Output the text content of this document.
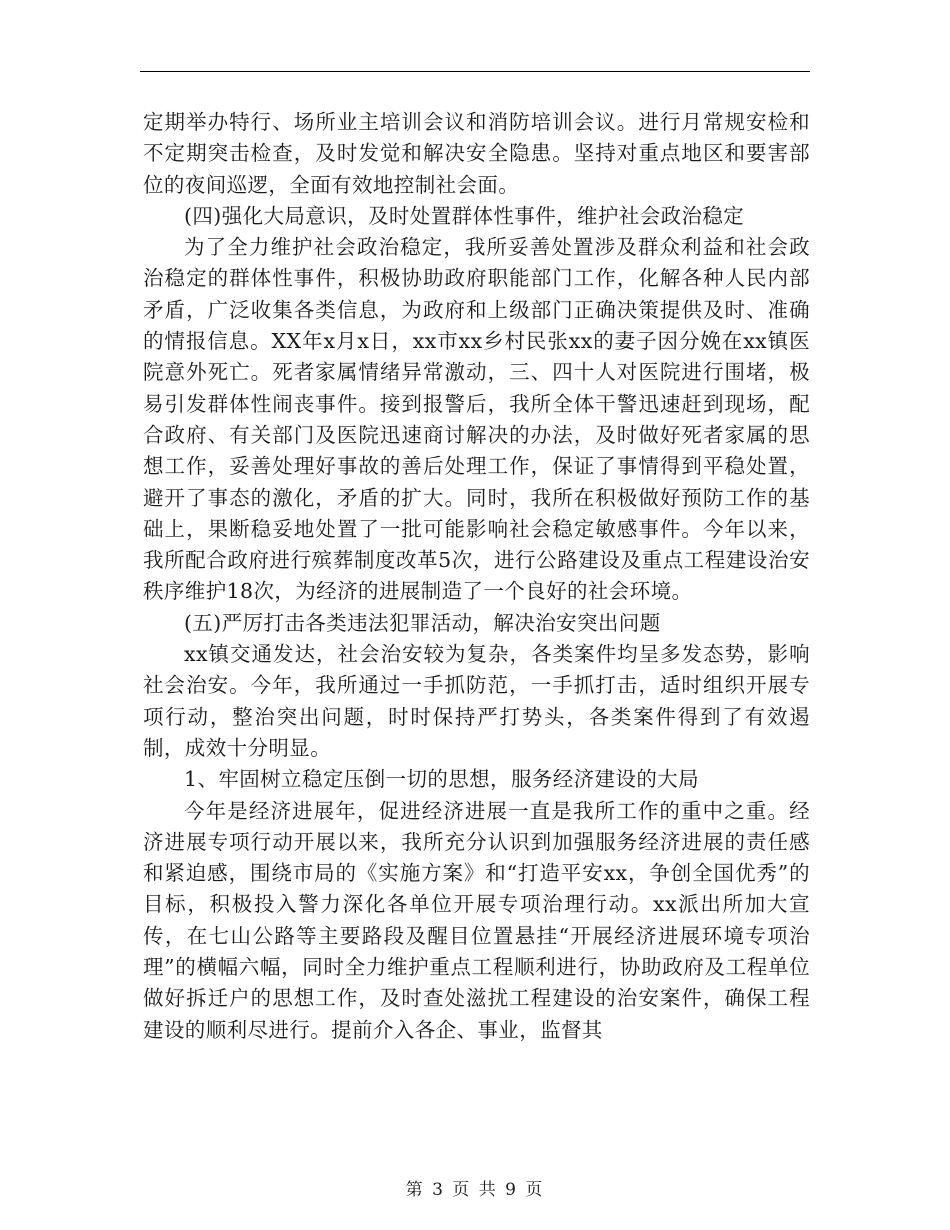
定期举办特行、场所业主培训会议和消防培训会议。进行月常规安检和不定期突击检查，及时发觉和解决安全隐患。坚持对重点地区和要害部位的夜间巡逻，全面有效地控制社会面。

(四)强化大局意识，及时处置群体性事件，维护社会政治稳定

为了全力维护社会政治稳定，我所妥善处置涉及群众利益和社会政治稳定的群体性事件，积极协助政府职能部门工作，化解各种人民内部矛盾，广泛收集各类信息，为政府和上级部门正确决策提供及时、准确的情报信息。XX年x月x日，xx市xx乡村民张xx的妻子因分娩在xx镇医院意外死亡。死者家属情绪异常激动，三、四十人对医院进行围堵，极易引发群体性闹丧事件。接到报警后，我所全体干警迅速赶到现场，配合政府、有关部门及医院迅速商讨解决的办法，及时做好死者家属的思想工作，妥善处理好事故的善后处理工作，保证了事情得到平稳处置，避开了事态的激化，矛盾的扩大。同时，我所在积极做好预防工作的基础上，果断稳妥地处置了一批可能影响社会稳定敏感事件。今年以来，我所配合政府进行殡葬制度改革5次，进行公路建设及重点工程建设治安秩序维护18次，为经济的进展制造了一个良好的社会环境。

(五)严厉打击各类违法犯罪活动，解决治安突出问题

xx镇交通发达，社会治安较为复杂，各类案件均呈多发态势，影响社会治安。今年，我所通过一手抓防范，一手抓打击，适时组织开展专项行动，整治突出问题，时时保持严打势头，各类案件得到了有效遏制，成效十分明显。

1、牢固树立稳定压倒一切的思想，服务经济建设的大局

今年是经济进展年，促进经济进展一直是我所工作的重中之重。经济进展专项行动开展以来，我所充分认识到加强服务经济进展的责任感和紧迫感，围绕市局的《实施方案》和“打造平安xx，争创全国优秀”的目标，积极投入警力深化各单位开展专项治理行动。xx派出所加大宣传，在七山公路等主要路段及醒目位置悬挂“开展经济进展环境专项治理”的横幅六幅，同时全力维护重点工程顺利进行，协助政府及工程单位做好拆迁户的思想工作，及时查处滋扰工程建设的治安案件，确保工程建设的顺利尽进行。提前介入各企、事业，监督其

第 3 页 共 9 页
